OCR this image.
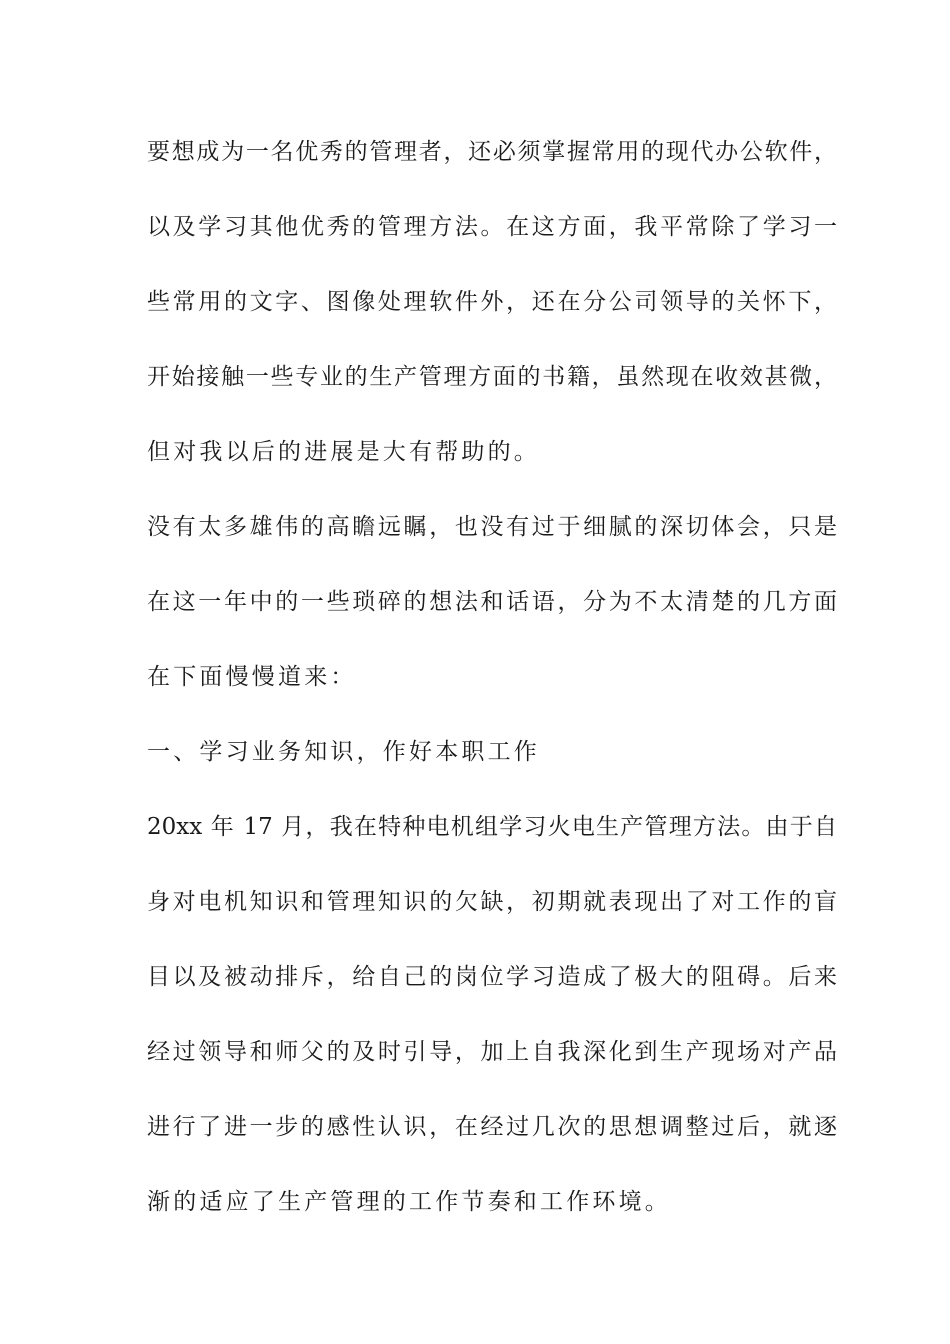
要想成为一名优秀的管理者，还必须掌握常用的现代办公软件，
以及学习其他优秀的管理方法。在这方面，我平常除了学习一
些常用的文字、图像处理软件外，还在分公司领导的关怀下，
开始接触一些专业的生产管理方面的书籍，虽然现在收效甚微，
但对我以后的进展是大有帮助的。
没有太多雄伟的高瞻远瞩，也没有过于细腻的深切体会，只是
在这一年中的一些琐碎的想法和话语，分为不太清楚的几方面
在下面慢慢道来：
一、学习业务知识，作好本职工作
20xx 年 17 月，我在特种电机组学习火电生产管理方法。由于自
身对电机知识和管理知识的欠缺，初期就表现出了对工作的盲
目以及被动排斥，给自己的岗位学习造成了极大的阻碍。后来
经过领导和师父的及时引导，加上自我深化到生产现场对产品
进行了进一步的感性认识，在经过几次的思想调整过后，就逐
渐的适应了生产管理的工作节奏和工作环境。
